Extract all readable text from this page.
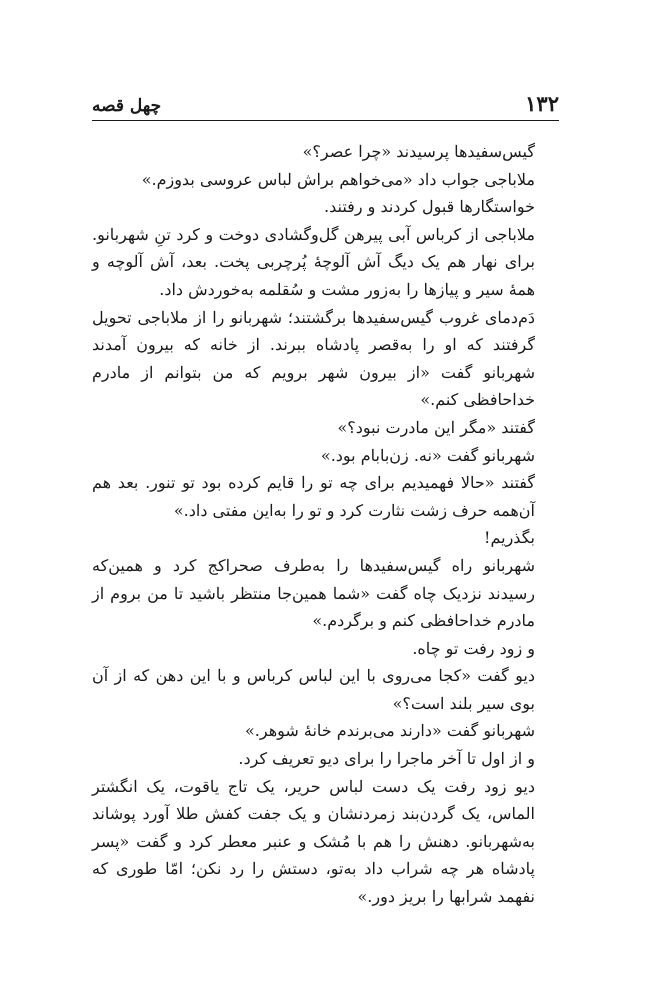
۱۳۲
چهل قصه

گیس‌سفیدها پرسیدند «چرا عصر؟»

ملاباجی جواب داد «می‌خواهم براش لباس عروسی بدوزم.»

خواستگارها قبول کردند و رفتند.

ملاباجی از کرباس آبی پیرهن گل‌وگشادی دوخت و کرد تنِ شهربانو. برای نهار هم یک دیگ آش آلوچهٔ پُرچربی پخت. بعد، آش آلوچه و همهٔ سیر و پیازها را به‌زور مشت و سُقلمه به‌خوردش داد.

دَم‌دمای غروب گیس‌سفیدها برگشتند؛ شهربانو را از ملاباجی تحویل گرفتند که او را به‌قصر پادشاه ببرند. از خانه که بیرون آمدند شهربانو گفت «از بیرون شهر برویم که من بتوانم از مادرم خداحافظی کنم.»

گفتند «مگر این مادرت نبود؟»

شهربانو گفت «نه. زن‌بابام بود.»

گفتند «حالا فهمیدیم برای چه تو را قایم کرده بود تو تنور. بعد هم آن‌همه حرف زشت نثارت کرد و تو را به‌این مفتی داد.»

بگذریم!

شهربانو راه گیس‌سفیدها را به‌طرف صحراکج کرد و همین‌که رسیدند نزدیک چاه گفت «شما همین‌جا منتظر باشید تا من بروم از مادرم خداحافظی کنم و برگردم.»

و زود رفت تو چاه.

دیو گفت «کجا می‌روی با این لباس کرباس و با این دهن که از آن بوی سیر بلند است؟»

شهربانو گفت «دارند می‌برندم خانهٔ شوهر.»

و از اول تا آخر ماجرا را برای دیو تعریف کرد.

دیو زود رفت یک دست لباس حریر، یک تاج یاقوت، یک انگشتر الماس، یک گردن‌بند زمردنشان و یک جفت کفش طلا آورد پوشاند به‌شهربانو. دهنش را هم با مُشک و عنبر معطر کرد و گفت «پسر پادشاه هر چه شراب داد به‌تو، دستش را رد نکن؛ امّا طوری که نفهمد شرابها را بریز دور.»
